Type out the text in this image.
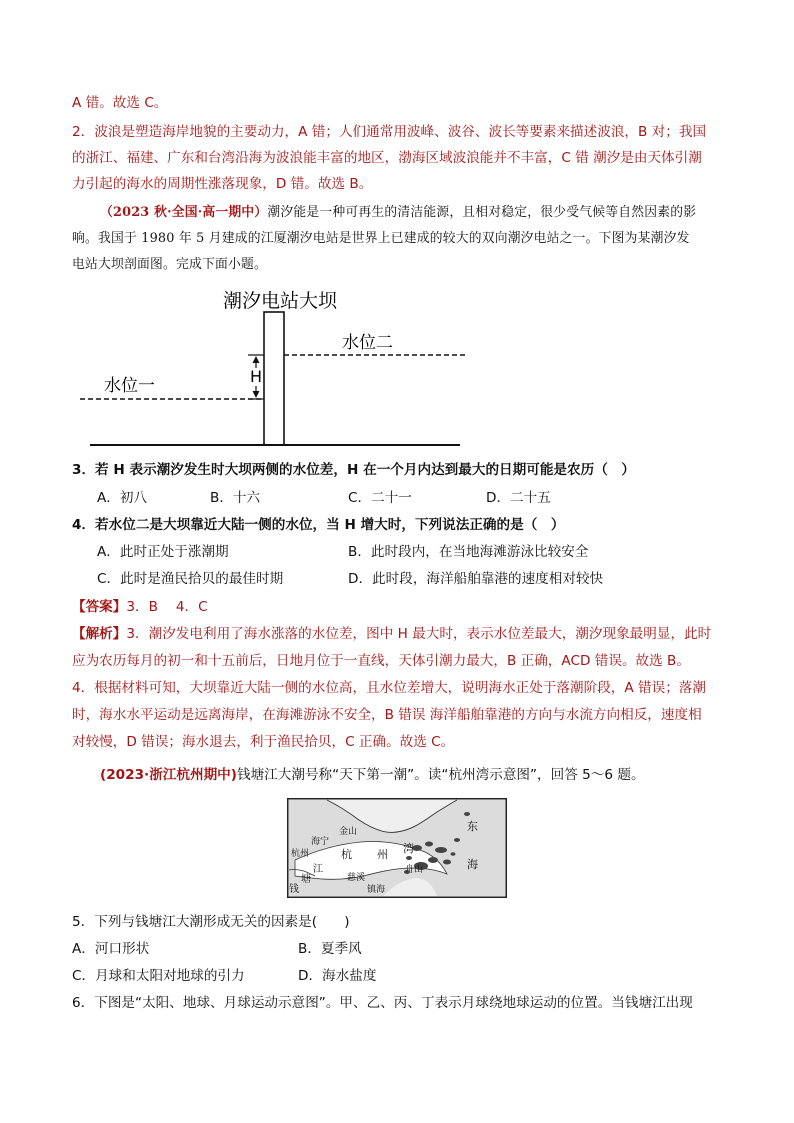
A 错。故选 C。
2．波浪是塑造海岸地貌的主要动力，A 错；人们通常用波峰、波谷、波长等要素来描述波浪，B 对；我国
的浙江、福建、广东和台湾沿海为波浪能丰富的地区，渤海区域波浪能并不丰富，C 错 潮汐是由天体引潮
力引起的海水的周期性涨落现象，D 错。故选 B。
（2023 秋·全国·高一期中）潮汐能是一种可再生的清洁能源，且相对稳定，很少受气候等自然因素的影
响。我国于 1980 年 5 月建成的江厦潮汐电站是世界上已建成的较大的双向潮汐电站之一。下图为某潮汐发
电站大坝剖面图。完成下面小题。
潮汐电站大坝
水位二
水位一	H
3．若 H 表示潮汐发生时大坝两侧的水位差，H 在一个月内达到最大的日期可能是农历（　）
A．初八	B．十六	C．二十一	D．二十五
4．若水位二是大坝靠近大陆一侧的水位，当 H 增大时，下列说法正确的是（　）
A．此时正处于涨潮期	B．此时段内，在当地海滩游泳比较安全
C．此时是渔民拾贝的最佳时期	D．此时段，海洋船舶靠港的速度相对较快
【答案】3．B　 4．C
【解析】3．潮汐发电利用了海水涨落的水位差，图中 H 最大时，表示水位差最大，潮汐现象最明显，此时
应为农历每月的初一和十五前后，日地月位于一直线，天体引潮力最大，B 正确，ACD 错误。故选 B。
4．根据材料可知，大坝靠近大陆一侧的水位高，且水位差增大，说明海水正处于落潮阶段，A 错误；落潮
时，海水水平运动是远离海岸，在海滩游泳不安全，B 错误 海洋船舶靠港的方向与水流方向相反，速度相
对较慢，D 错误；海水退去，利于渔民拾贝，C 正确。故选 C。
(2023·浙江杭州期中)钱塘江大潮号称“天下第一潮”。读“杭州湾示意图”，回答 5～6 题。
金山
海宁
杭州	杭 州 湾
舟山
东
海
钱
塘
江
慈溪
镇海
5．下列与钱塘江大潮形成无关的因素是(　　)
A．河口形状	B．夏季风
C．月球和太阳对地球的引力	D．海水盐度
6．下图是“太阳、地球、月球运动示意图”。甲、乙、丙、丁表示月球绕地球运动的位置。当钱塘江出现
